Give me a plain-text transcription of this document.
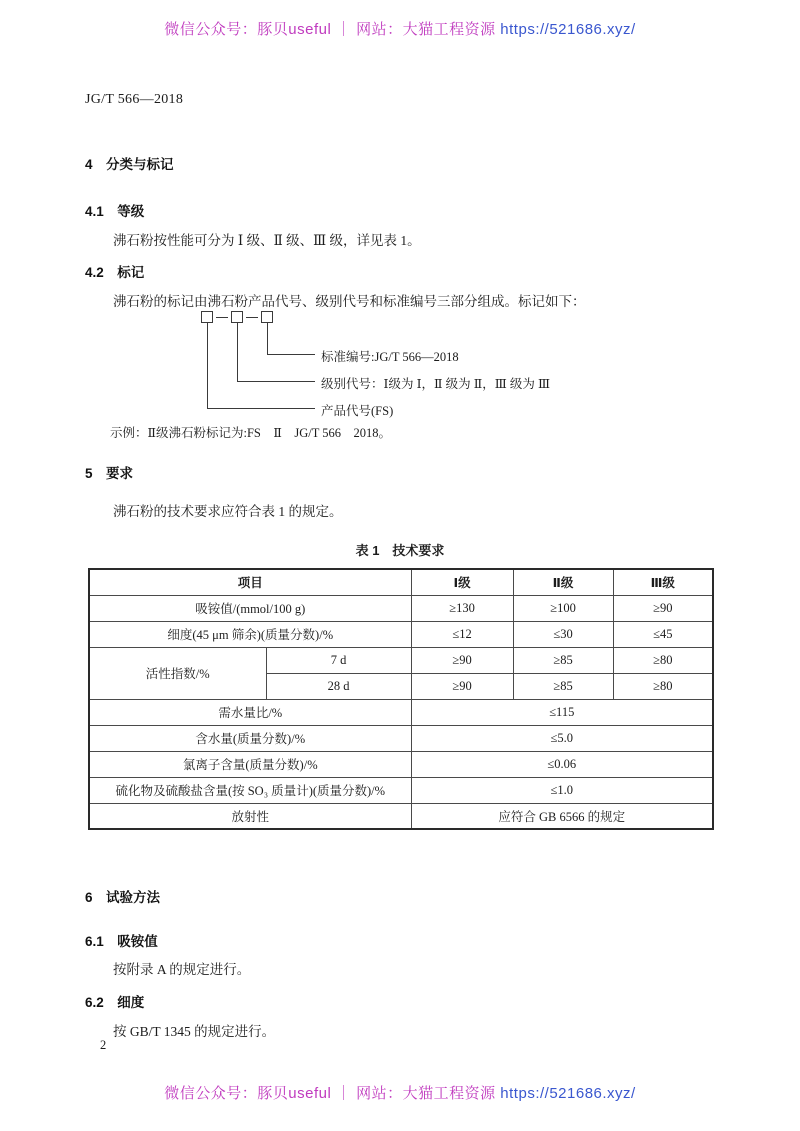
微信公众号：豚贝useful ｜ 网站：大猫工程资源 https://521686.xyz/
JG/T 566—2018
4　分类与标记
4.1　等级
沸石粉按性能可分为 Ⅰ 级、Ⅱ 级、Ⅲ 级，详见表 1。
4.2　标记
沸石粉的标记由沸石粉产品代号、级别代号和标准编号三部分组成。标记如下：
标准编号:JG/T 566—2018
级别代号：Ⅰ级为 Ⅰ，Ⅱ 级为 Ⅱ，Ⅲ 级为 Ⅲ
产品代号(FS)
示例：Ⅱ级沸石粉标记为:FS　Ⅱ　JG/T 566　2018。
5　要求
沸石粉的技术要求应符合表 1 的规定。
表 1　技术要求
项目		Ⅰ级	Ⅱ级	Ⅲ级
吸铵值/(mmol/100 g)		≥130	≥100	≥90
细度(45 μm 筛余)(质量分数)/%		≤12	≤30	≤45
活性指数/%	7 d	≥90	≥85	≥80
	28 d	≥90	≥85	≥80
需水量比/%		≤115		
含水量(质量分数)/%		≤5.0		
氯离子含量(质量分数)/%		≤0.06		
硫化物及硫酸盐含量(按 SO₃ 质量计)(质量分数)/%		≤1.0		
放射性		应符合 GB 6566 的规定		
6　试验方法
6.1　吸铵值
按附录 A 的规定进行。
6.2　细度
按 GB/T 1345 的规定进行。
2
微信公众号：豚贝useful ｜ 网站：大猫工程资源 https://521686.xyz/
